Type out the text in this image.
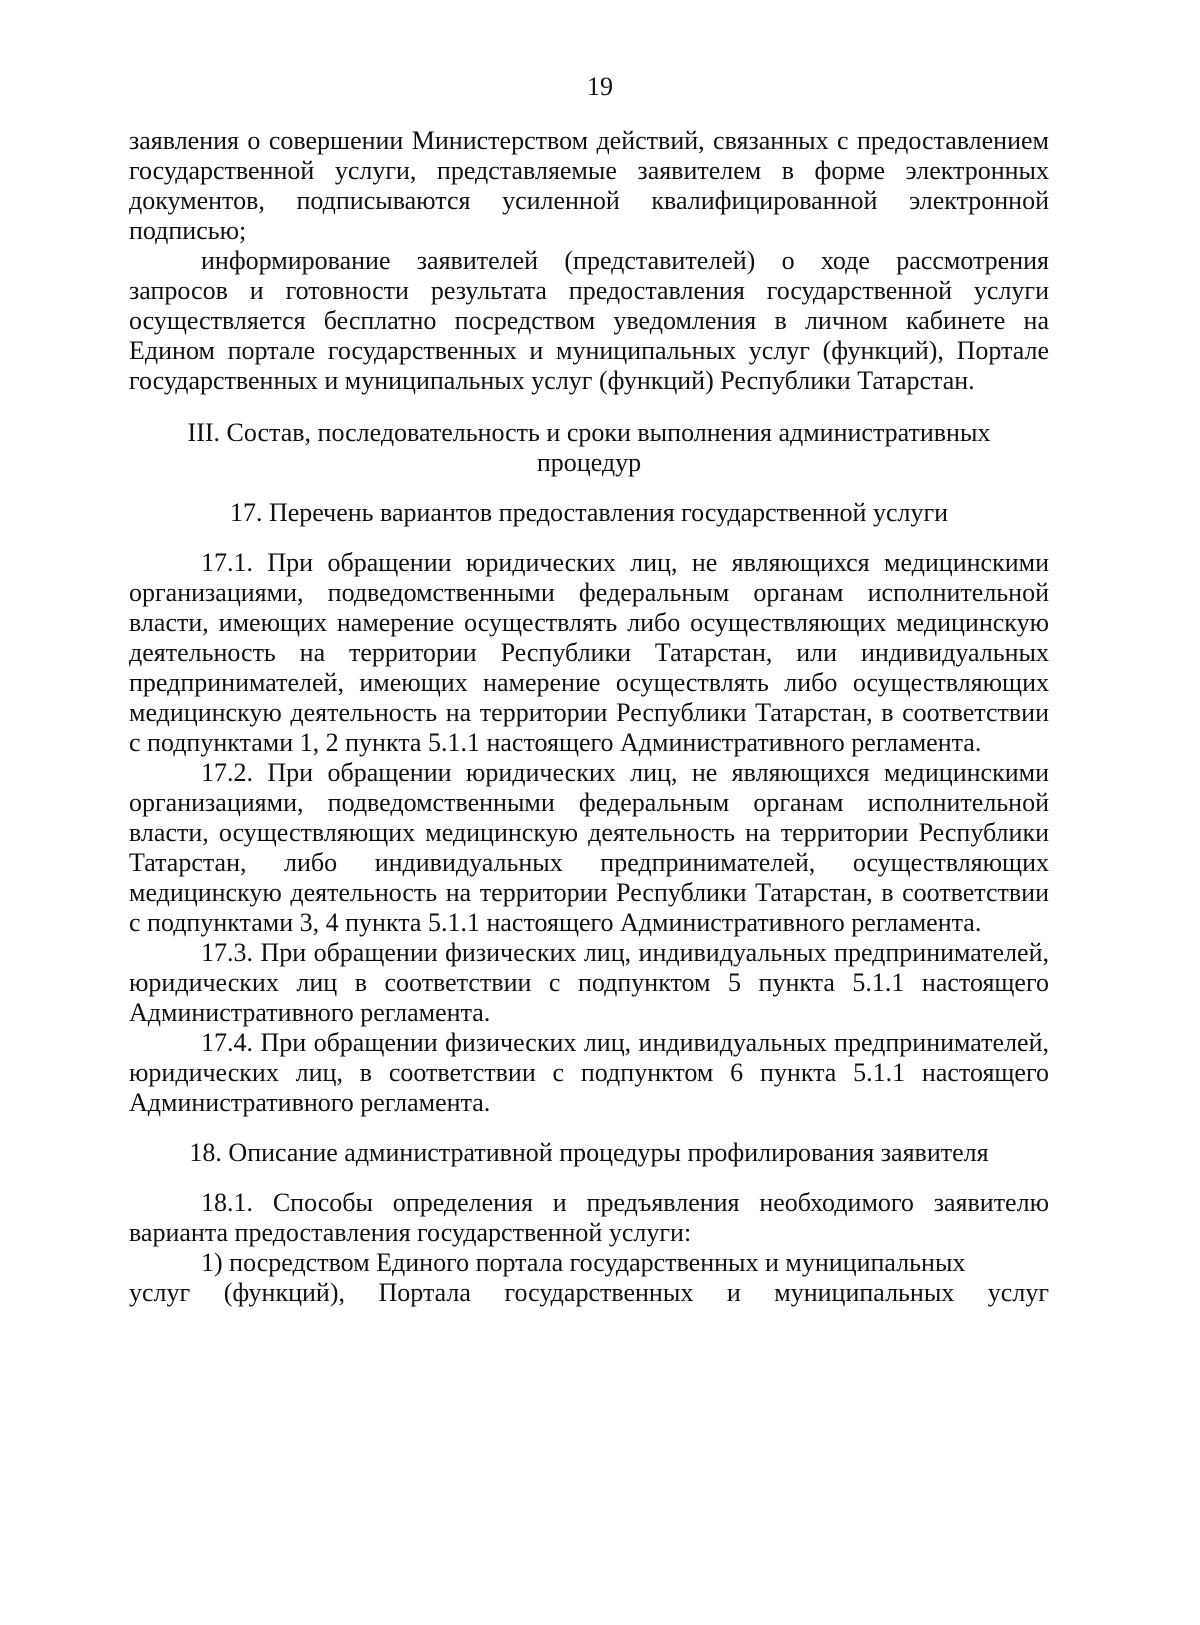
19

заявления о совершении Министерством действий, связанных с предоставлением государственной услуги, представляемые заявителем в форме электронных документов, подписываются усиленной квалифицированной электронной подписью;

информирование заявителей (представителей) о ходе рассмотрения запросов и готовности результата предоставления государственной услуги осуществляется бесплатно посредством уведомления в личном кабинете на Едином портале государственных и муниципальных услуг (функций), Портале государственных и муниципальных услуг (функций) Республики Татарстан.

III. Состав, последовательность и сроки выполнения административных

процедур

17. Перечень вариантов предоставления государственной услуги

17.1. При обращении юридических лиц, не являющихся медицинскими организациями, подведомственными федеральным органам исполнительной власти, имеющих намерение осуществлять либо осуществляющих медицинскую деятельность на территории Республики Татарстан, или индивидуальных предпринимателей, имеющих намерение осуществлять либо осуществляющих медицинскую деятельность на территории Республики Татарстан, в соответствии с подпунктами 1, 2 пункта 5.1.1 настоящего Административного регламента.

17.2. При обращении юридических лиц, не являющихся медицинскими организациями, подведомственными федеральным органам исполнительной власти, осуществляющих медицинскую деятельность на территории Республики Татарстан, либо индивидуальных предпринимателей, осуществляющих медицинскую деятельность на территории Республики Татарстан, в соответствии с подпунктами 3, 4 пункта 5.1.1 настоящего Административного регламента.

17.3. При обращении физических лиц, индивидуальных предпринимателей, юридических лиц в соответствии с подпунктом 5 пункта 5.1.1 настоящего Административного регламента.

17.4. При обращении физических лиц, индивидуальных предпринимателей, юридических лиц, в соответствии с подпунктом 6 пункта 5.1.1 настоящего Административного регламента.

18. Описание административной процедуры профилирования заявителя

18.1. Способы определения и предъявления необходимого заявителю варианта предоставления государственной услуги:

1) посредством Единого портала государственных и муниципальных

услуг (функций), Портала государственных и муниципальных услуг
